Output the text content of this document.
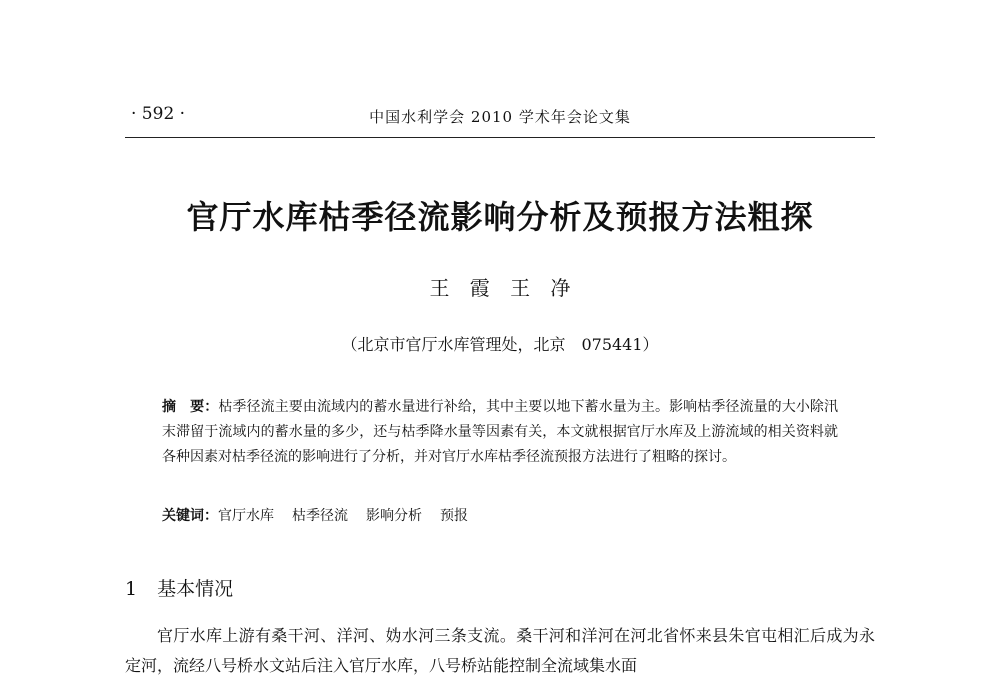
· 592 ·	中国水利学会 2010 学术年会论文集
官厅水库枯季径流影响分析及预报方法粗探
王 霞 王 净
（北京市官厅水库管理处，北京　075441）
摘　要：枯季径流主要由流域内的蓄水量进行补给，其中主要以地下蓄水量为主。影响枯季径流量的大小除汛末滞留于流域内的蓄水量的多少，还与枯季降水量等因素有关，本文就根据官厅水库及上游流域的相关资料就各种因素对枯季径流的影响进行了分析，并对官厅水库枯季径流预报方法进行了粗略的探讨。
关键词：官厅水库 枯季径流 影响分析 预报
1 基本情况
官厅水库上游有桑干河、洋河、妫水河三条支流。桑干河和洋河在河北省怀来县朱官屯相汇后成为永定河，流经八号桥水文站后注入官厅水库，八号桥站能控制全流域集水面
